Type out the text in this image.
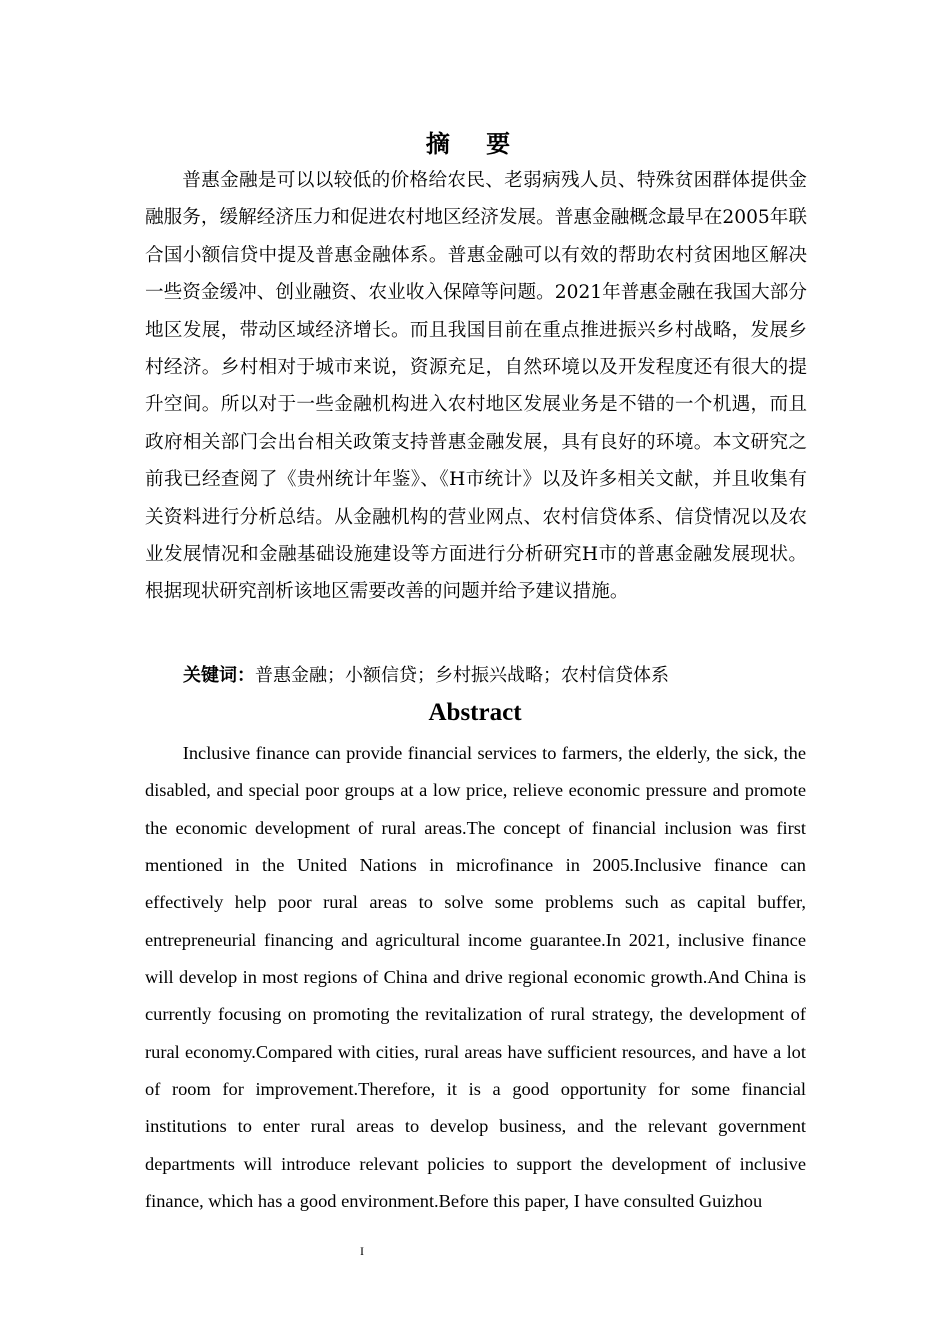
摘 要

普惠金融是可以以较低的价格给农民、老弱病残人员、特殊贫困群体提供金融服务，缓解经济压力和促进农村地区经济发展。普惠金融概念最早在2005年联合国小额信贷中提及普惠金融体系。普惠金融可以有效的帮助农村贫困地区解决一些资金缓冲、创业融资、农业收入保障等问题。2021年普惠金融在我国大部分地区发展，带动区域经济增长。而且我国目前在重点推进振兴乡村战略，发展乡村经济。乡村相对于城市来说，资源充足，自然环境以及开发程度还有很大的提升空间。所以对于一些金融机构进入农村地区发展业务是不错的一个机遇，而且政府相关部门会出台相关政策支持普惠金融发展，具有良好的环境。本文研究之前我已经查阅了《贵州统计年鉴》、《H市统计》以及许多相关文献，并且收集有关资料进行分析总结。从金融机构的营业网点、农村信贷体系、信贷情况以及农业发展情况和金融基础设施建设等方面进行分析研究H市的普惠金融发展现状。根据现状研究剖析该地区需要改善的问题并给予建议措施。

关键词：普惠金融；小额信贷；乡村振兴战略；农村信贷体系

Abstract

Inclusive finance can provide financial services to farmers, the elderly, the sick, the disabled, and special poor groups at a low price, relieve economic pressure and promote the economic development of rural areas.The concept of financial inclusion was first mentioned in the United Nations in microfinance in 2005.Inclusive finance can effectively help poor rural areas to solve some problems such as capital buffer, entrepreneurial financing and agricultural income guarantee.In 2021, inclusive finance will develop in most regions of China and drive regional economic growth.And China is currently focusing on promoting the revitalization of rural strategy, the development of rural economy.Compared with cities, rural areas have sufficient resources, and have a lot of room for improvement.Therefore, it is a good opportunity for some financial institutions to enter rural areas to develop business, and the relevant government departments will introduce relevant policies to support the development of inclusive finance, which has a good environment.Before this paper, I have consulted Guizhou

I
